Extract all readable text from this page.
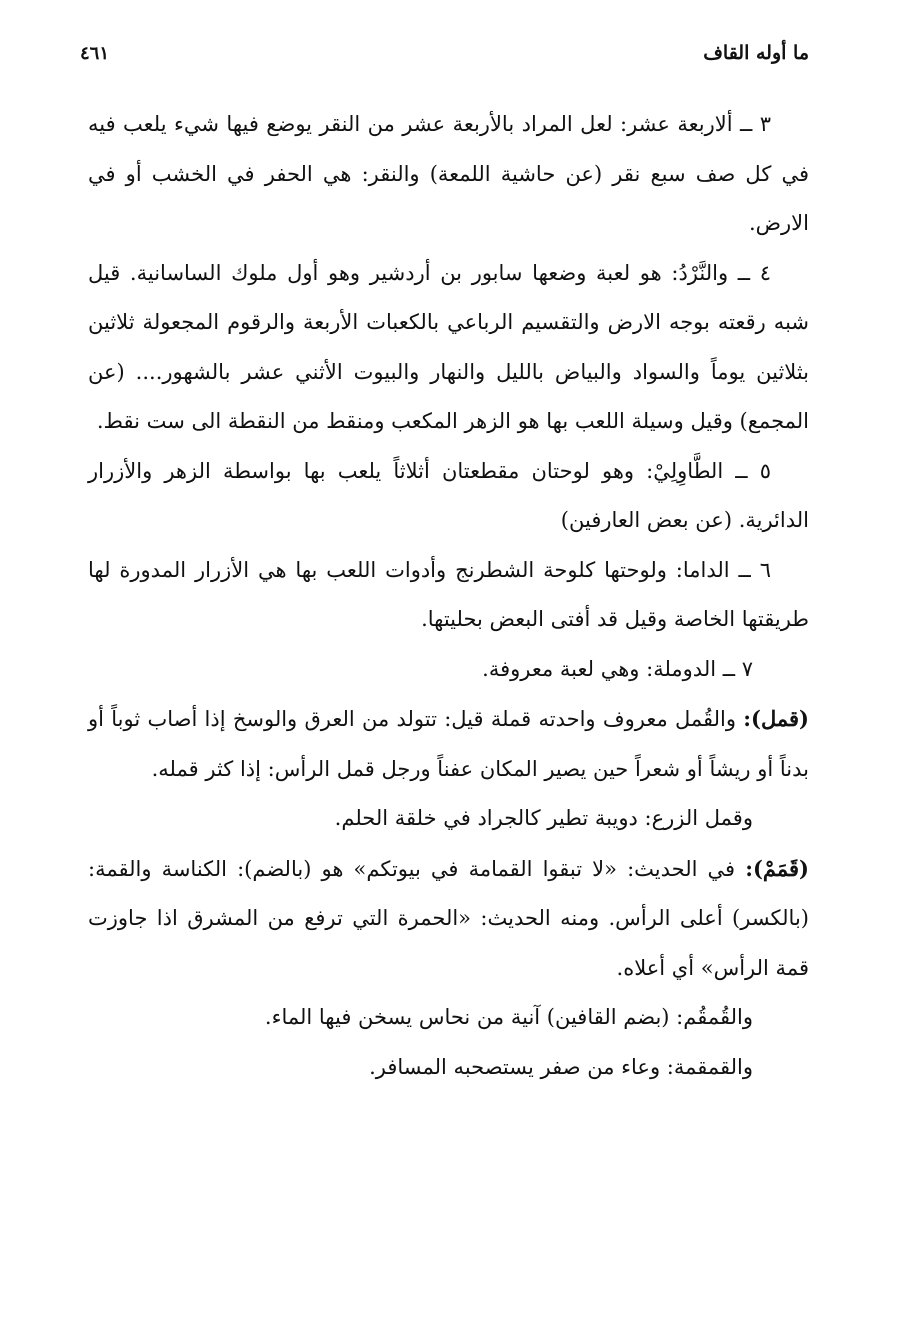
ما أوله القاف
٤٦١

٣ ــ ألاربعة عشر: لعل المراد بالأربعة عشر من النقر يوضع فيها شيء يلعب فيه في كل صف سبع نقر (عن حاشية اللمعة) والنقر: هي الحفر في الخشب أو في الارض.

٤ ــ والنَّرْدُ: هو لعبة وضعها سابور بن أردشير وهو أول ملوك الساسانية. قيل شبه رقعته بوجه الارض والتقسيم الرباعي بالكعبات الأربعة والرقوم المجعولة ثلاثين بثلاثين يوماً والسواد والبياض بالليل والنهار والبيوت الأثني عشر بالشهور.... (عن المجمع) وقيل وسيلة اللعب بها هو الزهر المكعب ومنقط من النقطة الى ست نقط.

٥ ــ الطَّاوِلِيْ: وهو لوحتان مقطعتان أثلاثاً يلعب بها بواسطة الزهر والأزرار الدائرية. (عن بعض العارفين)

٦ ــ الداما: ولوحتها كلوحة الشطرنج وأدوات اللعب بها هي الأزرار المدورة لها طريقتها الخاصة وقيل قد أفتى البعض بحليتها.

٧ ــ الدوملة: وهي لعبة معروفة.

(قمل): والقُمل معروف واحدته قملة قيل: تتولد من العرق والوسخ إذا أصاب ثوباً أو بدناً أو ريشاً أو شعراً حين يصير المكان عفناً ورجل قمل الرأس: إذا كثر قمله.

وقمل الزرع: دويبة تطير كالجراد في خلقة الحلم.

(قَمَمْ): في الحديث: «لا تبقوا القمامة في بيوتكم» هو (بالضم): الكناسة والقمة: (بالكسر) أعلى الرأس. ومنه الحديث: «الحمرة التي ترفع من المشرق اذا جاوزت قمة الرأس» أي أعلاه.

والقُمقُم: (بضم القافين) آنية من نحاس يسخن فيها الماء.

والقمقمة: وعاء من صفر يستصحبه المسافر.
